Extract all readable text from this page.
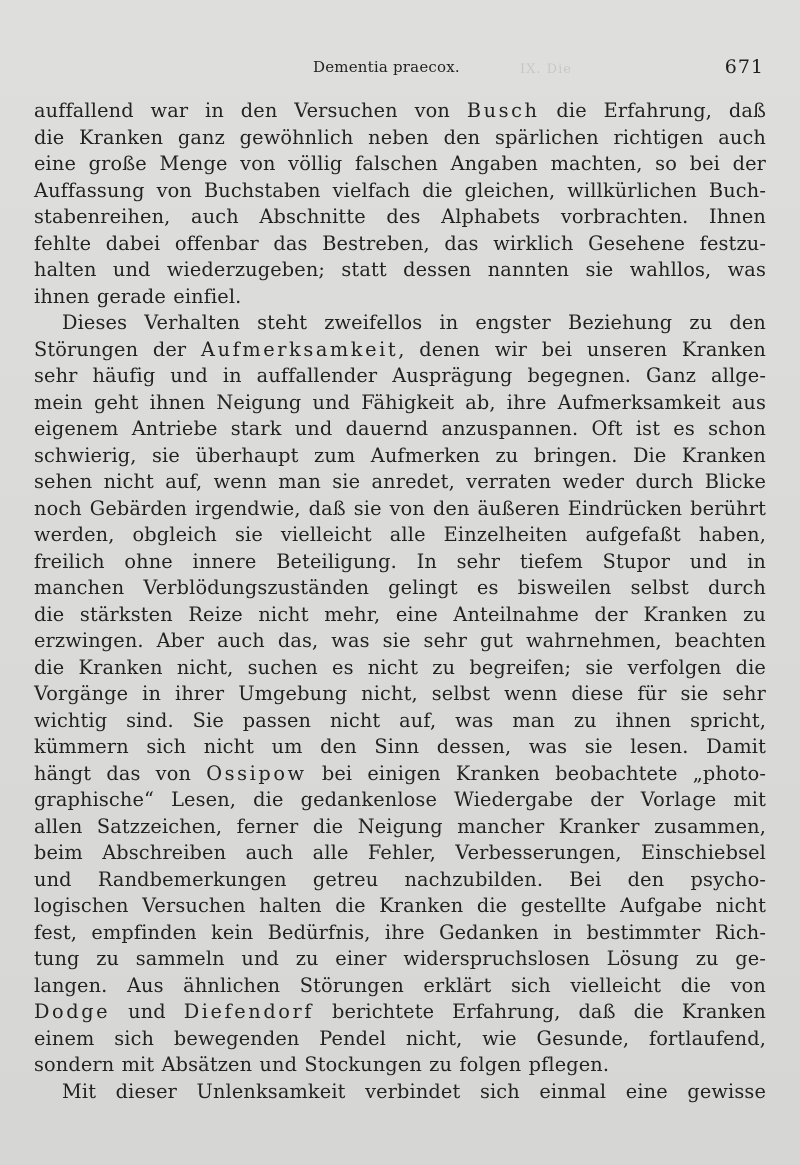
IX. Die
Dementia praecox.	671
auffallend war in den Versuchen von Busch die Erfahrung, daß
die Kranken ganz gewöhnlich neben den spärlichen richtigen auch
eine große Menge von völlig falschen Angaben machten, so bei der
Auffassung von Buchstaben vielfach die gleichen, willkürlichen Buch-
stabenreihen, auch Abschnitte des Alphabets vorbrachten. Ihnen
fehlte dabei offenbar das Bestreben, das wirklich Gesehene festzu-
halten und wiederzugeben; statt dessen nannten sie wahllos, was
ihnen gerade einfiel.
Dieses Verhalten steht zweifellos in engster Beziehung zu den
Störungen der Aufmerksamkeit, denen wir bei unseren Kranken
sehr häufig und in auffallender Ausprägung begegnen. Ganz allge-
mein geht ihnen Neigung und Fähigkeit ab, ihre Aufmerksamkeit aus
eigenem Antriebe stark und dauernd anzuspannen. Oft ist es schon
schwierig, sie überhaupt zum Aufmerken zu bringen. Die Kranken
sehen nicht auf, wenn man sie anredet, verraten weder durch Blicke
noch Gebärden irgendwie, daß sie von den äußeren Eindrücken berührt
werden, obgleich sie vielleicht alle Einzelheiten aufgefaßt haben,
freilich ohne innere Beteiligung. In sehr tiefem Stupor und in
manchen Verblödungszuständen gelingt es bisweilen selbst durch
die stärksten Reize nicht mehr, eine Anteilnahme der Kranken zu
erzwingen. Aber auch das, was sie sehr gut wahrnehmen, beachten
die Kranken nicht, suchen es nicht zu begreifen; sie verfolgen die
Vorgänge in ihrer Umgebung nicht, selbst wenn diese für sie sehr
wichtig sind. Sie passen nicht auf, was man zu ihnen spricht,
kümmern sich nicht um den Sinn dessen, was sie lesen. Damit
hängt das von Ossipow bei einigen Kranken beobachtete „photo-
graphische“ Lesen, die gedankenlose Wiedergabe der Vorlage mit
allen Satzzeichen, ferner die Neigung mancher Kranker zusammen,
beim Abschreiben auch alle Fehler, Verbesserungen, Einschiebsel
und Randbemerkungen getreu nachzubilden. Bei den psycho-
logischen Versuchen halten die Kranken die gestellte Aufgabe nicht
fest, empfinden kein Bedürfnis, ihre Gedanken in bestimmter Rich-
tung zu sammeln und zu einer widerspruchslosen Lösung zu ge-
langen. Aus ähnlichen Störungen erklärt sich vielleicht die von
Dodge und Diefendorf berichtete Erfahrung, daß die Kranken
einem sich bewegenden Pendel nicht, wie Gesunde, fortlaufend,
sondern mit Absätzen und Stockungen zu folgen pflegen.
Mit dieser Unlenksamkeit verbindet sich einmal eine gewisse
